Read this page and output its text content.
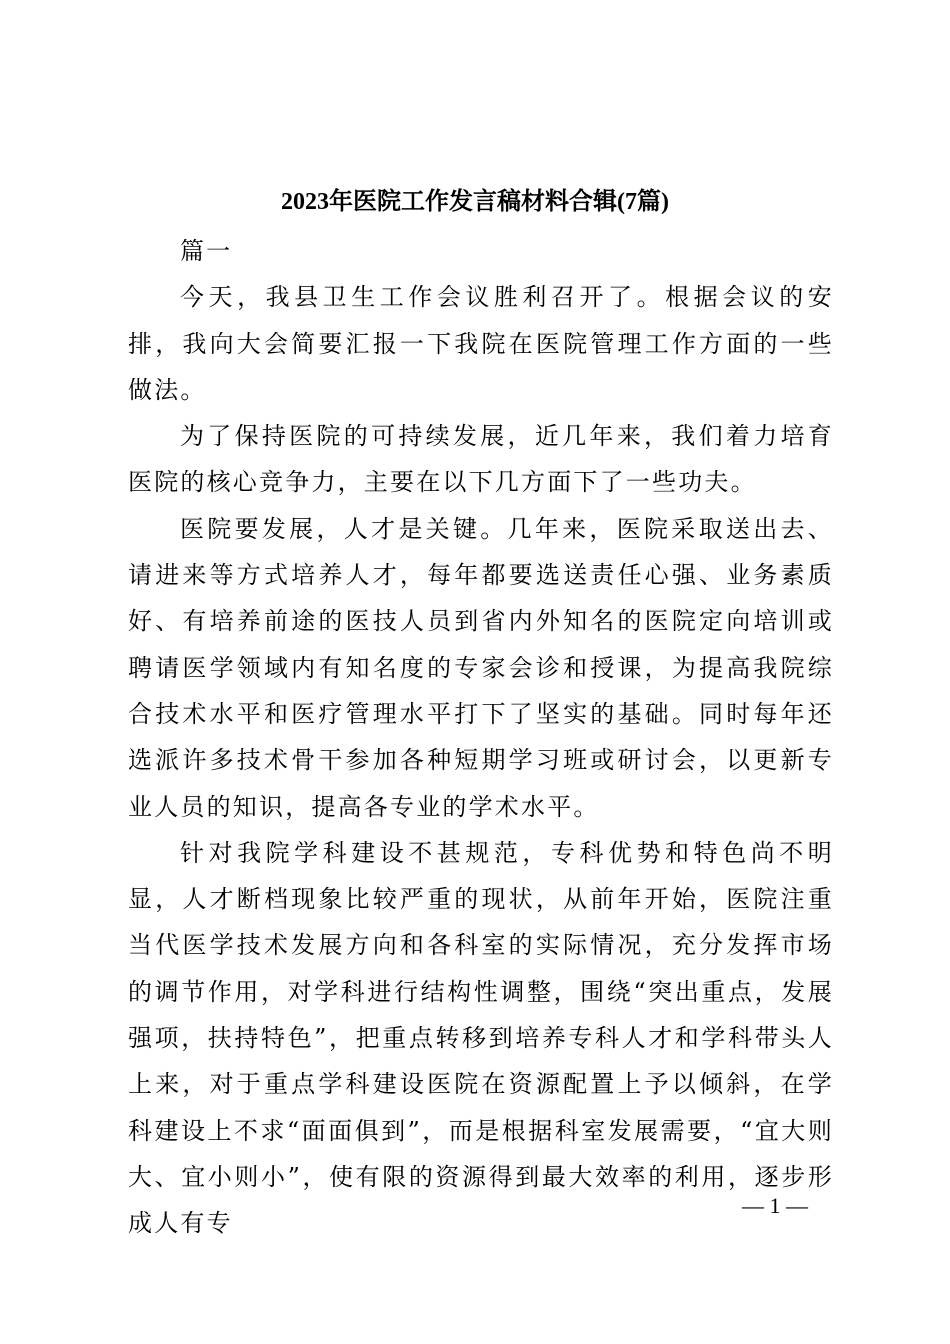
2023年医院工作发言稿材料合辑(7篇)

篇一

今天，我县卫生工作会议胜利召开了。根据会议的安排，我向大会简要汇报一下我院在医院管理工作方面的一些做法。

为了保持医院的可持续发展，近几年来，我们着力培育医院的核心竞争力，主要在以下几方面下了一些功夫。

医院要发展，人才是关键。几年来，医院采取送出去、请进来等方式培养人才，每年都要选送责任心强、业务素质好、有培养前途的医技人员到省内外知名的医院定向培训或聘请医学领域内有知名度的专家会诊和授课，为提高我院综合技术水平和医疗管理水平打下了坚实的基础。同时每年还选派许多技术骨干参加各种短期学习班或研讨会，以更新专业人员的知识，提高各专业的学术水平。

针对我院学科建设不甚规范，专科优势和特色尚不明显，人才断档现象比较严重的现状，从前年开始，医院注重当代医学技术发展方向和各科室的实际情况，充分发挥市场的调节作用，对学科进行结构性调整，围绕“突出重点，发展强项，扶持特色”，把重点转移到培养专科人才和学科带头人上来，对于重点学科建设医院在资源配置上予以倾斜，在学科建设上不求“面面俱到”，而是根据科室发展需要，“宜大则大、宜小则小”，使有限的资源得到最大效率的利用，逐步形成人有专

— 1 —
